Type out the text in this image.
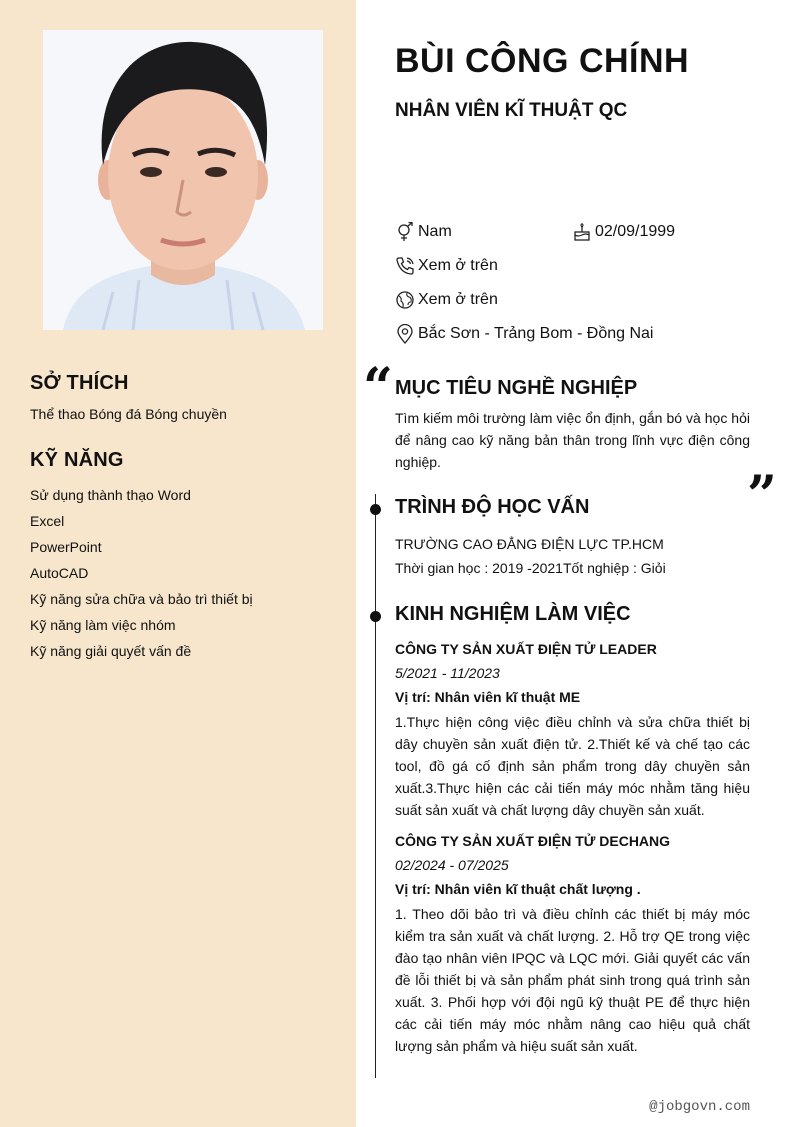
SỞ THÍCH
Thể thao Bóng đá Bóng chuyền
KỸ NĂNG
Sử dụng thành thạo Word
Excel
PowerPoint
AutoCAD
Kỹ năng sửa chữa và bảo trì thiết bị
Kỹ năng làm việc nhóm
Kỹ năng giải quyết vấn đề
BÙI CÔNG CHÍNH
NHÂN VIÊN KĨ THUẬT QC
Nam	02/09/1999
Xem ở trên
Xem ở trên
Bắc Sơn - Trảng Bom - Đồng Nai
“ MỤC TIÊU NGHỀ NGHIỆP
Tìm kiếm môi trường làm việc ổn định, gắn bó và học hỏi để nâng cao kỹ năng bản thân trong lĩnh vực điện công nghiệp.
”
TRÌNH ĐỘ HỌC VẤN
TRƯỜNG CAO ĐẲNG ĐIỆN LỰC TP.HCM
Thời gian học : 2019 -2021Tốt nghiệp : Giỏi
KINH NGHIỆM LÀM VIỆC
CÔNG TY SẢN XUẤT ĐIỆN TỬ LEADER
5/2021 - 11/2023
Vị trí: Nhân viên kĩ thuật ME
1.Thực hiện công việc điều chỉnh và sửa chữa thiết bị dây chuyền sản xuất điện tử. 2.Thiết kế và chế tạo các tool, đồ gá cố định sản phẩm trong dây chuyền sản xuất.3.Thực hiện các cải tiến máy móc nhằm tăng hiệu suất sản xuất và chất lượng dây chuyền sản xuất.
CÔNG TY SẢN XUẤT ĐIỆN TỬ DECHANG
02/2024 - 07/2025
Vị trí: Nhân viên kĩ thuật chất lượng .
1. Theo dõi bảo trì và điều chỉnh các thiết bị máy móc kiểm tra sản xuất và chất lượng. 2. Hỗ trợ QE trong việc đào tạo nhân viên IPQC và LQC mới. Giải quyết các vấn đề lỗi thiết bị và sản phẩm phát sinh trong quá trình sản xuất. 3. Phối hợp với đội ngũ kỹ thuật PE để thực hiện các cải tiến máy móc nhằm nâng cao hiệu quả chất lượng sản phẩm và hiệu suất sản xuất.
@jobgovn.com
